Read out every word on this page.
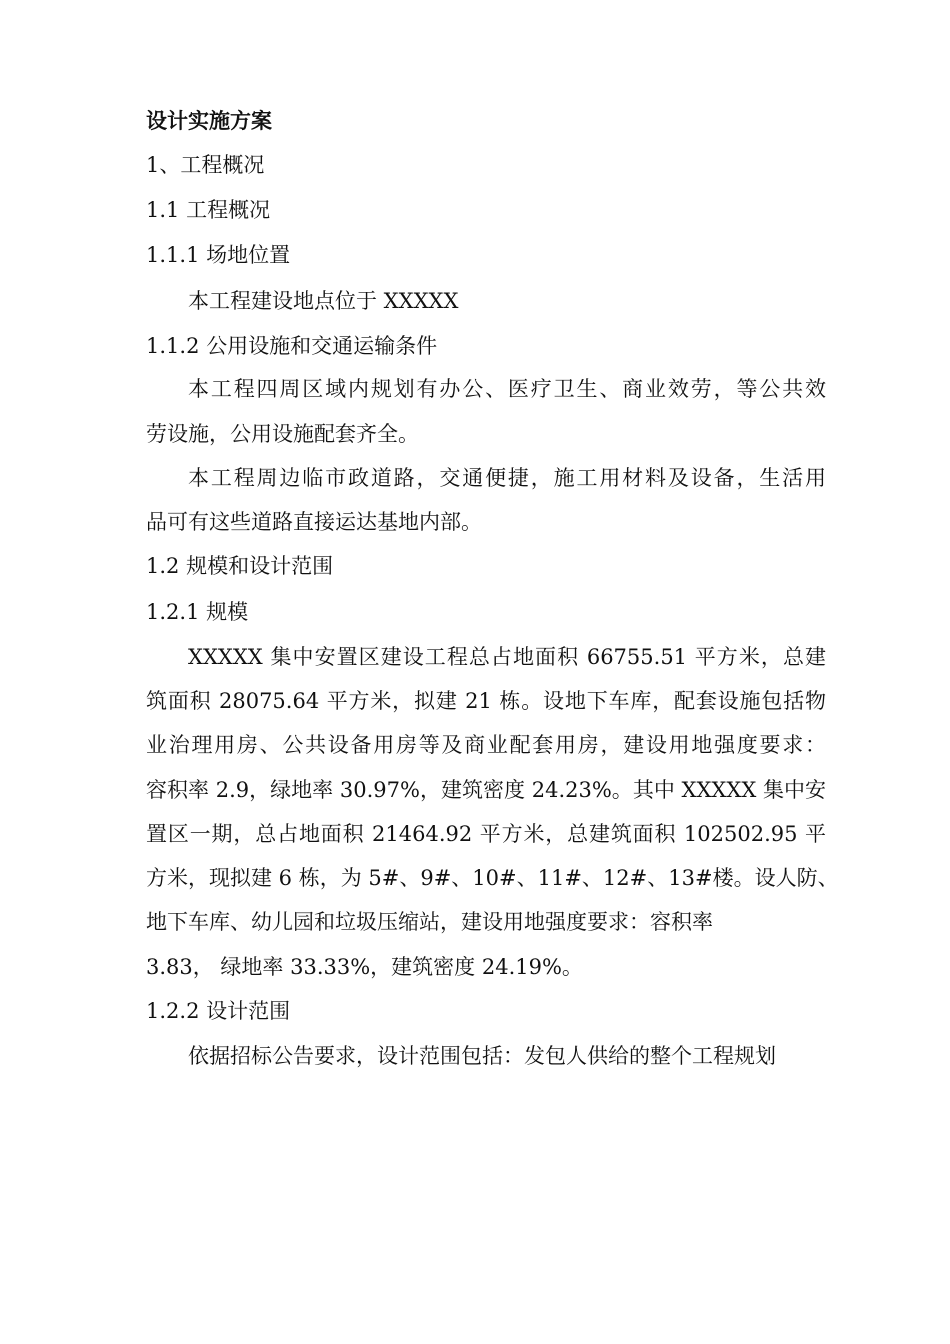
设计实施方案
1、工程概况
1.1 工程概况
1.1.1 场地位置
本工程建设地点位于 XXXXX
1.1.2 公用设施和交通运输条件
本工程四周区域内规划有办公、医疗卫生、商业效劳，等公共效
劳设施，公用设施配套齐全。
本工程周边临市政道路，交通便捷，施工用材料及设备，生活用
品可有这些道路直接运达基地内部。
1.2 规模和设计范围
1.2.1 规模
XXXXX 集中安置区建设工程总占地面积 66755.51 平方米，总建
筑面积 28075.64 平方米，拟建 21 栋。设地下车库，配套设施包括物
业治理用房、公共设备用房等及商业配套用房，建设用地强度要求：
容积率 2.9，绿地率 30.97%，建筑密度 24.23%。其中 XXXXX 集中安
置区一期，总占地面积 21464.92 平方米，总建筑面积 102502.95 平
方米，现拟建 6 栋，为 5#、9#、10#、11#、12#、13#楼。设人防、
地下车库、幼儿园和垃圾压缩站，建设用地强度要求：容积率
3.83， 绿地率 33.33%，建筑密度 24.19%。
1.2.2 设计范围
依据招标公告要求，设计范围包括：发包人供给的整个工程规划
